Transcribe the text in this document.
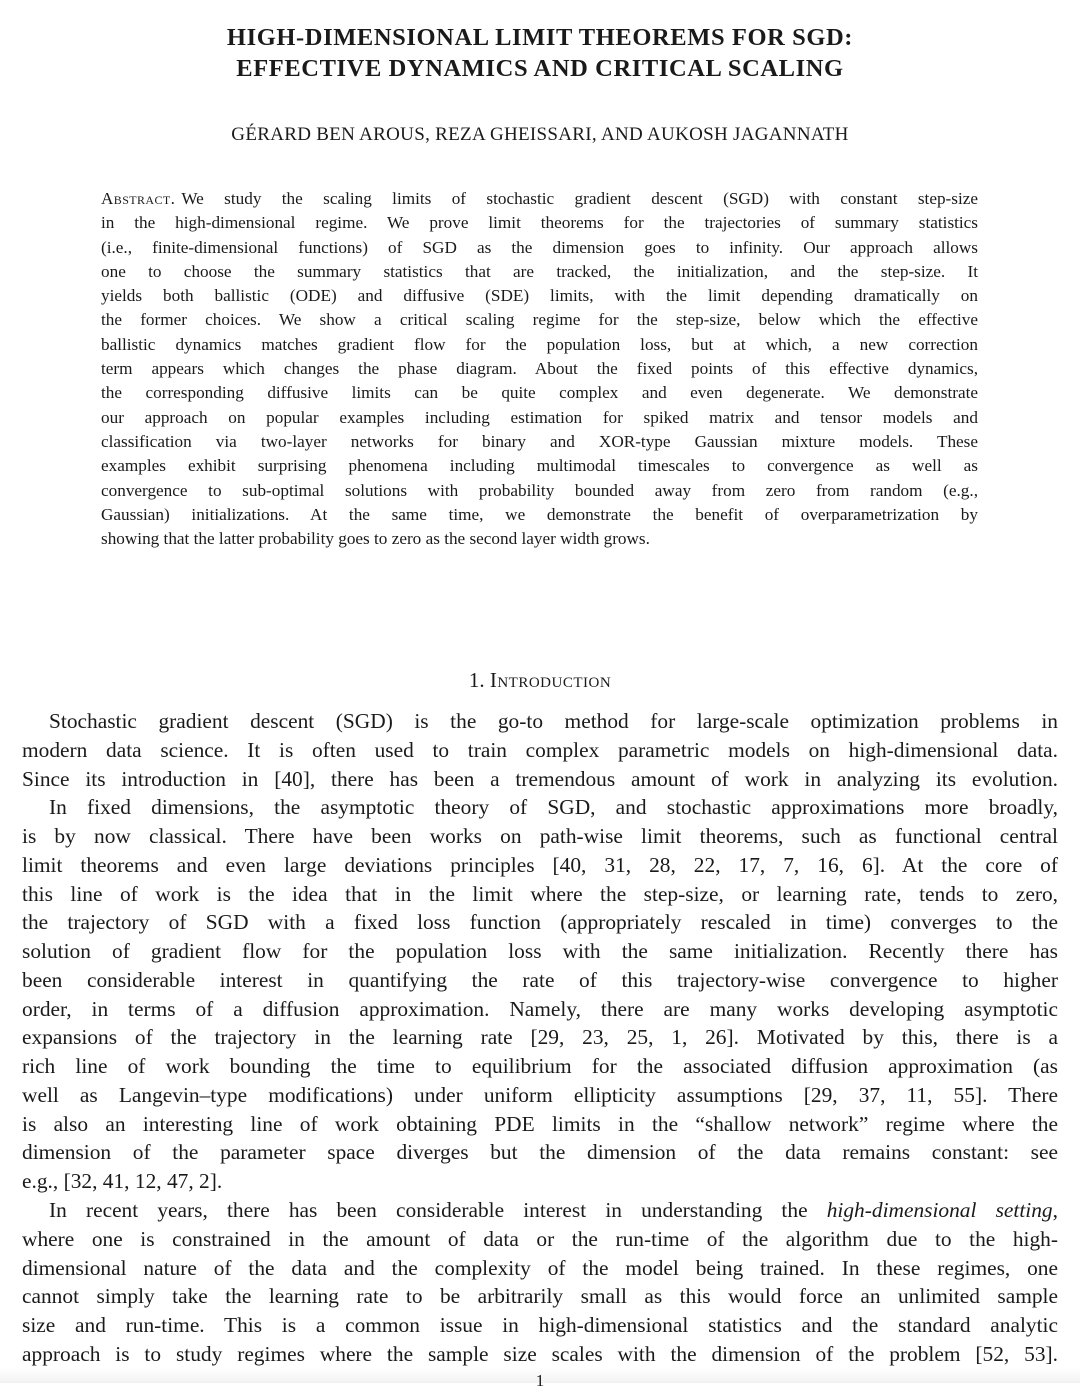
HIGH-DIMENSIONAL LIMIT THEOREMS FOR SGD:
EFFECTIVE DYNAMICS AND CRITICAL SCALING
GÉRARD BEN AROUS, REZA GHEISSARI, AND AUKOSH JAGANNATH
Abstract. We study the scaling limits of stochastic gradient descent (SGD) with constant step-size
in the high-dimensional regime. We prove limit theorems for the trajectories of summary statistics
(i.e., finite-dimensional functions) of SGD as the dimension goes to infinity. Our approach allows
one to choose the summary statistics that are tracked, the initialization, and the step-size. It
yields both ballistic (ODE) and diffusive (SDE) limits, with the limit depending dramatically on
the former choices. We show a critical scaling regime for the step-size, below which the effective
ballistic dynamics matches gradient flow for the population loss, but at which, a new correction
term appears which changes the phase diagram. About the fixed points of this effective dynamics,
the corresponding diffusive limits can be quite complex and even degenerate. We demonstrate
our approach on popular examples including estimation for spiked matrix and tensor models and
classification via two-layer networks for binary and XOR-type Gaussian mixture models. These
examples exhibit surprising phenomena including multimodal timescales to convergence as well as
convergence to sub-optimal solutions with probability bounded away from zero from random (e.g.,
Gaussian) initializations. At the same time, we demonstrate the benefit of overparametrization by
showing that the latter probability goes to zero as the second layer width grows.
1. Introduction
Stochastic gradient descent (SGD) is the go-to method for large-scale optimization problems in
modern data science. It is often used to train complex parametric models on high-dimensional data.
Since its introduction in [40], there has been a tremendous amount of work in analyzing its evolution.
In fixed dimensions, the asymptotic theory of SGD, and stochastic approximations more broadly,
is by now classical. There have been works on path-wise limit theorems, such as functional central
limit theorems and even large deviations principles [40, 31, 28, 22, 17, 7, 16, 6]. At the core of
this line of work is the idea that in the limit where the step-size, or learning rate, tends to zero,
the trajectory of SGD with a fixed loss function (appropriately rescaled in time) converges to the
solution of gradient flow for the population loss with the same initialization. Recently there has
been considerable interest in quantifying the rate of this trajectory-wise convergence to higher
order, in terms of a diffusion approximation. Namely, there are many works developing asymptotic
expansions of the trajectory in the learning rate [29, 23, 25, 1, 26]. Motivated by this, there is a
rich line of work bounding the time to equilibrium for the associated diffusion approximation (as
well as Langevin–type modifications) under uniform ellipticity assumptions [29, 37, 11, 55]. There
is also an interesting line of work obtaining PDE limits in the “shallow network” regime where the
dimension of the parameter space diverges but the dimension of the data remains constant: see
e.g., [32, 41, 12, 47, 2].
In recent years, there has been considerable interest in understanding the high-dimensional setting,
where one is constrained in the amount of data or the run-time of the algorithm due to the high-
dimensional nature of the data and the complexity of the model being trained. In these regimes, one
cannot simply take the learning rate to be arbitrarily small as this would force an unlimited sample
size and run-time. This is a common issue in high-dimensional statistics and the standard analytic
approach is to study regimes where the sample size scales with the dimension of the problem [52, 53].
1
